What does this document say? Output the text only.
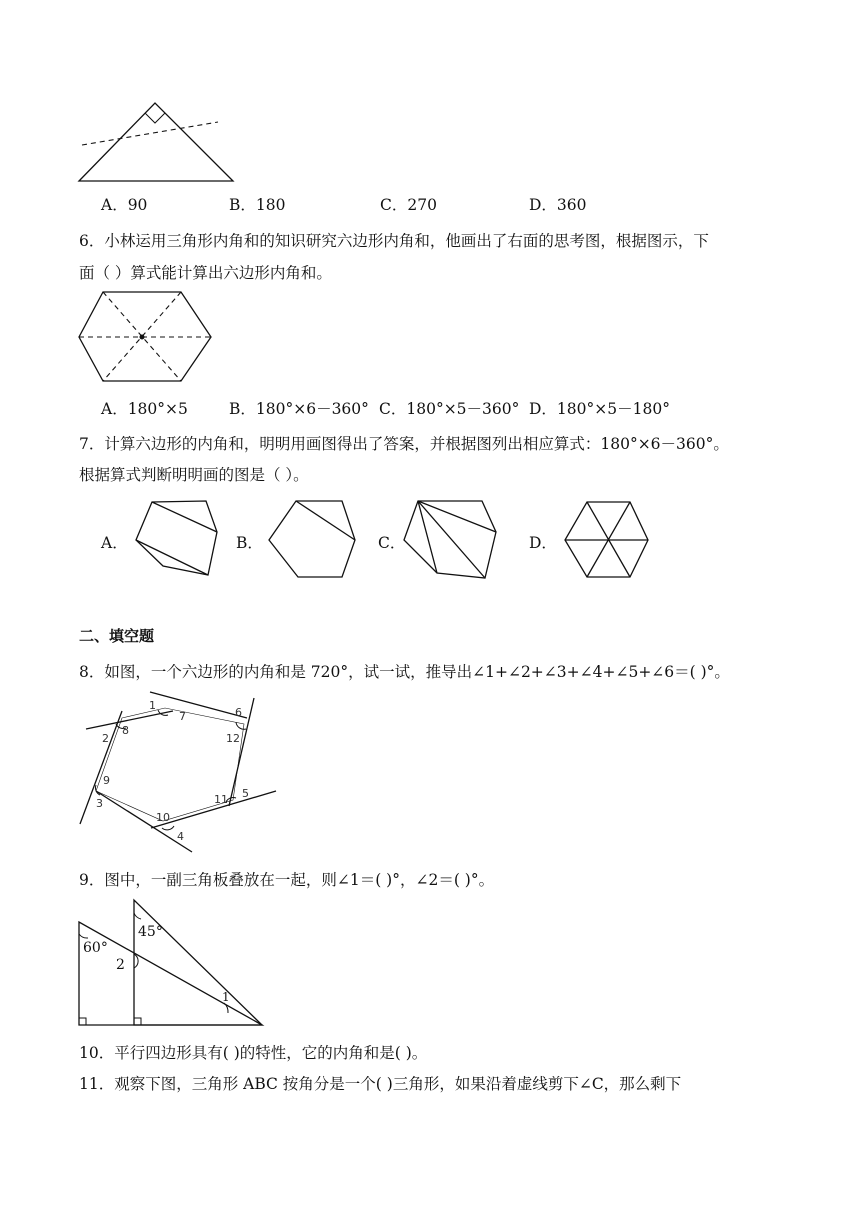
A．90	B．180	C．270	D．360
6．小林运用三角形内角和的知识研究六边形内角和，他画出了右面的思考图，根据图示，下
面（ ）算式能计算出六边形内角和。
A．180°×5	B．180°×6－360° C．180°×5－360° D．180°×5－180°
7．计算六边形的内角和，明明用画图得出了答案，并根据图列出相应算式：180°×6－360°。
根据算式判断明明画的图是（ ）。
A．	B．	C．	D．
二、填空题
8．如图，一个六边形的内角和是 720°，试一试，推导出∠1+∠2+∠3+∠4+∠5+∠6＝( )°。
1
7	6
12
2
8
9
3	11 5
10
4
9．图中，一副三角板叠放在一起，则∠1＝( )°，∠2＝( )°。
60°
45°
2
1
10．平行四边形具有( )的特性，它的内角和是( )。
11．观察下图，三角形 ABC 按角分是一个( )三角形，如果沿着虚线剪下∠C，那么剩下
